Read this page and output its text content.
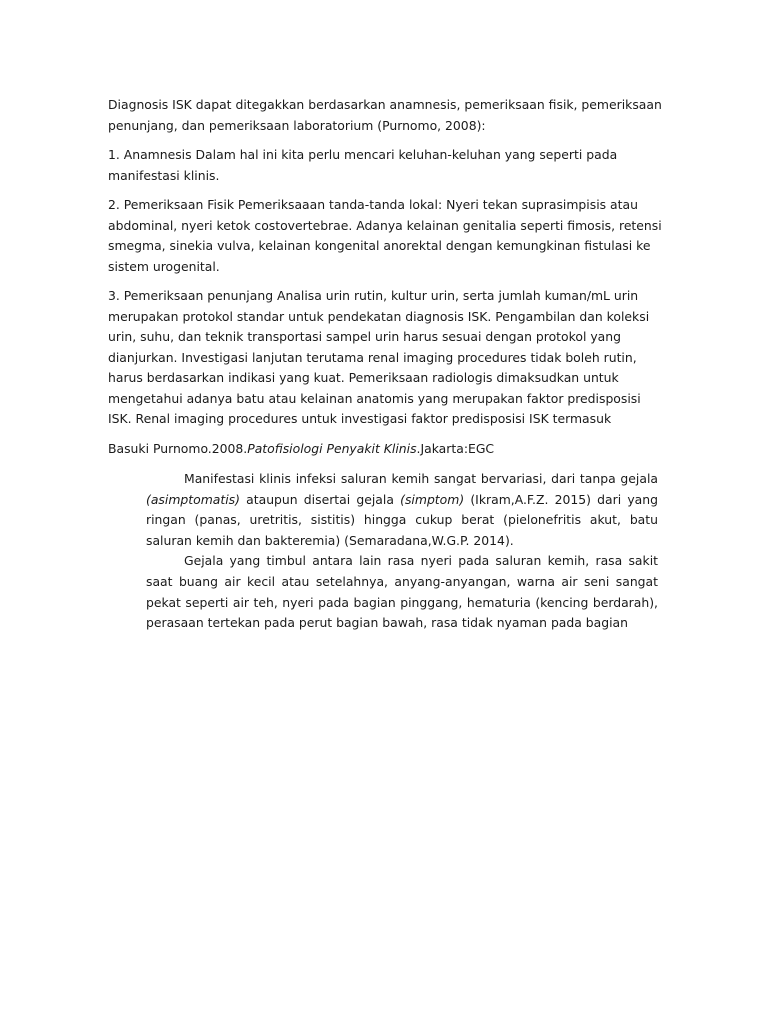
Diagnosis ISK dapat ditegakkan berdasarkan anamnesis, pemeriksaan fisik, pemeriksaan penunjang, dan pemeriksaan laboratorium (Purnomo, 2008):

1. Anamnesis Dalam hal ini kita perlu mencari keluhan-keluhan yang seperti pada manifestasi klinis.

2. Pemeriksaan Fisik Pemeriksaaan tanda-tanda lokal: Nyeri tekan suprasimpisis atau abdominal, nyeri ketok costovertebrae. Adanya kelainan genitalia seperti fimosis, retensi smegma, sinekia vulva, kelainan kongenital anorektal dengan kemungkinan fistulasi ke sistem urogenital.

3. Pemeriksaan penunjang Analisa urin rutin, kultur urin, serta jumlah kuman/mL urin merupakan protokol standar untuk pendekatan diagnosis ISK. Pengambilan dan koleksi urin, suhu, dan teknik transportasi sampel urin harus sesuai dengan protokol yang dianjurkan. Investigasi lanjutan terutama renal imaging procedures tidak boleh rutin, harus berdasarkan indikasi yang kuat. Pemeriksaan radiologis dimaksudkan untuk mengetahui adanya batu atau kelainan anatomis yang merupakan faktor predisposisi ISK. Renal imaging procedures untuk investigasi faktor predisposisi ISK termasuk

Basuki Purnomo.2008.Patofisiologi Penyakit Klinis.Jakarta:EGC

Manifestasi klinis infeksi saluran kemih sangat bervariasi, dari tanpa gejala (asimptomatis) ataupun disertai gejala (simptom) (Ikram,A.F.Z. 2015) dari yang ringan (panas, uretritis, sistitis) hingga cukup berat (pielonefritis akut, batu saluran kemih dan bakteremia) (Semaradana,W.G.P. 2014).

Gejala yang timbul antara lain rasa nyeri pada saluran kemih, rasa sakit saat buang air kecil atau setelahnya, anyang-anyangan, warna air seni sangat pekat seperti air teh, nyeri pada bagian pinggang, hematuria (kencing berdarah), perasaan tertekan pada perut bagian bawah, rasa tidak nyaman pada bagian
